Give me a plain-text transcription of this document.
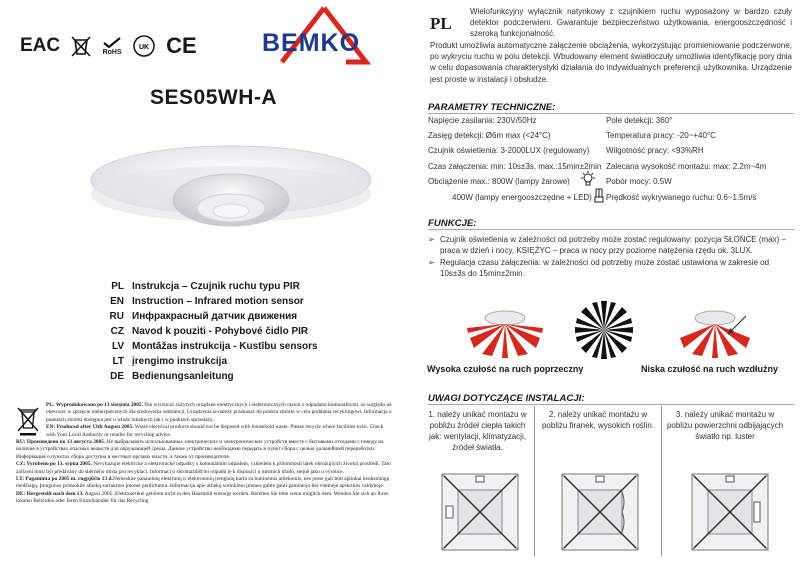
EAC	RoHS
UK CE	BEMKO
SES05WH-A
PL Instrukcja – Czujnik ruchu typu PIR
EN Instruction – Infrared motion sensor
RU Инфракрасный датчик движения
CZ Navod k pouziti - Pohybové čidlo PIR
LV Montāžas instrukcija - Kustību sensors
LT įrengimo instrukcija
DE Bedienungsanleitung

PL: Wyprodukowano po 13 sierpnia 2005. Nie wyrzucać zużytych urządzeń elektrycznych i elektronicznych razem z odpadami komunalnymi, ze względu na obecność w sprzęcie niebezpiecznych dla środowiska substancji. Urządzenia te należy przekazać do punktu zbiórki w celu poddania recyklingowi. Informacja o punktach zbiórki dostępna jest u władz lokalnych jak i w punktach sprzedaży.

EN: Produced after 13th August 2005. Waste electrical products should not be disposed with household waste. Please recycle where facilities exist. Check with Your Local Authority or retailer for recycling advice.

RU: Произведено по 13 августа 2005. Не выбрасывать использованных электрических и электронических устройств вместе с бытовыми отходами с поводу на наличие в устройствах опасных веществ для окружающей среды. Данное устройство необходимо передать в пункт сбора с целью дальнейшей переработки. Информация о пунктах сбора доступна в местных органах власти, а также от производителя.

CZ: Vyrobeno po 13. srpna 2005. Nevyhazujte elektrické a elektronické odpadky s komunálním odpadem, vzhledem k přítomnosti látek ohrožujících životní prostředí. Tato zařízení musí být předávány do sběrného místa pro recyklaci. Informaci o shromaždišťmi odpadů je k dispozici u místních úřadů, stejně jako u výrobce.

LT: Pagaminta po 2005 m. rugpjūčio 13 d.Nemeskite panaudotų elektrinių ir elektroninių įrenginių kartu su buitinėmis atliekomis, nes juose gali būti aplinkai kenksmingų medžiagų. Įrenginius priduokite atliekų surinkimo įmonei perdirbimui. Informacija apie atliekų surinkimo įmones galite gauti gamintojo bei vietinėje apskrities valdyboje.

DE: Hergestellt nach dem 13. August 2005. Elektroartikel gehören nicht in den Hausmüll entsorgt werden. Bereiten Sie bitte wenn möglich dem. Wenden Sie sich an Ihren lokalen Behörden oder Ihren Einzelhändler für das Recycling

PL
Wielofunkcyjny wyłącznik natynkowy z czujnikiem ruchu wyposażony w bardzo czuły detektor podczerwieni. Gwarantuje bezpieczeństwo użytkowania, energooszczędność i szeroką funkcjonalność.
Produkt umożliwia automatyczne załączenie obciążenia, wykorzystując promieniowanie podczerwone, po wykryciu ruchu w polu detekcji. Wbudowany element światłoczuły umożliwia identyfikację pory dnia w celu dopasowania charakterystyki działania do indywidualnych preferencji użytkownika. Urządzenie jest proste w instalacji i obsłudze.
PARAMETRY TECHNICZNE:
Napięcie zasilania: 230V/50Hz
Zasięg detekcji: Ø6m max (<24°C)
Czujnik oświetlenia: 3-2000LUX (regulowany)
Czas załączenia: min: 10s±3s, max.:15min±2min
Obciążenie max.: 800W (lampy żarowe)
400W (lampy energooszczędne + LED)
Pole detekcji: 360°
Temperatura pracy: -20~+40°C
Wilgotność pracy: <93%RH
Zalecana wysokość montażu: max: 2.2m~4m
Pobór mocy: 0.5W
Prędkość wykrywanego ruchu: 0.6~1.5m/s
FUNKCJE:
➢ Czujnik oświetlenia w zależności od potrzeby może zostać regulowany: pozycja SŁOŃCE (max) – praca w dzień i nocy, KSIĘŻYC – praca w nocy przy poziome natężenia rzędu ok. 3LUX.
➢ Regulacja czasu załączenia: w zależności od potrzeby może zostać ustawiona w zakresie od 10s±3s do 15min±2min.
Wysoka czułość na ruch poprzeczny	Niska czułość na ruch wzdłużny
UWAGI DOTYCZĄCE INSTALACJI:
1. należy unikać montażu w pobliżu źródeł ciepła takich jak: wentylacji, klimatyzacji, źródeł światła.
2. należy unikać montażu w pobliżu firanek, wysokich roślin.
3. należy unikać montażu w pobliżu powierzchni odbijających światło np. luster
